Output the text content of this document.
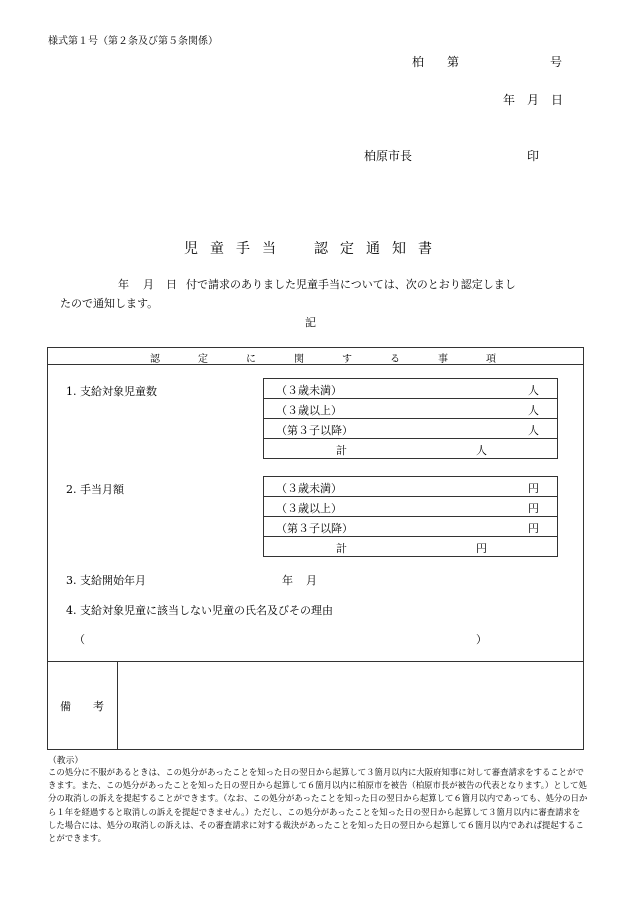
様式第１号（第２条及び第５条関係）
柏 第	号
年 月 日
柏原市長	印
児童手当 認定通知書
年 月 日 付で請求のありました児童手当については、次のとおり認定しまし
たので通知します。
記
認　定　に　関　す　る　事　項
1. 支給対象児童数	（３歳未満）	人
（３歳以上）	人
（第３子以降）	人
計	人
2. 手当月額	（３歳未満）	円
（３歳以上）	円
（第３子以降）	円
計	円
3. 支給開始年月	年 月
4. 支給対象児童に該当しない児童の氏名及びその理由
（	）
備　　考
（教示）
この処分に不服があるときは、この処分があったことを知った日の翌日から起算して３箇月以内に大阪府知事に対して審査請求をすることができます。また、この処分があったことを知った日の翌日から起算して６箇月以内に柏原市を被告（柏原市長が被告の代表となります。）として処分の取消しの訴えを提起することができます。（なお、この処分があったことを知った日の翌日から起算して６箇月以内であっても、処分の日から１年を経過すると取消しの訴えを提起できません。）ただし、この処分があったことを知った日の翌日から起算して３箇月以内に審査請求をした場合には、処分の取消しの訴えは、その審査請求に対する裁決があったことを知った日の翌日から起算して６箇月以内であれば提起することができます。
